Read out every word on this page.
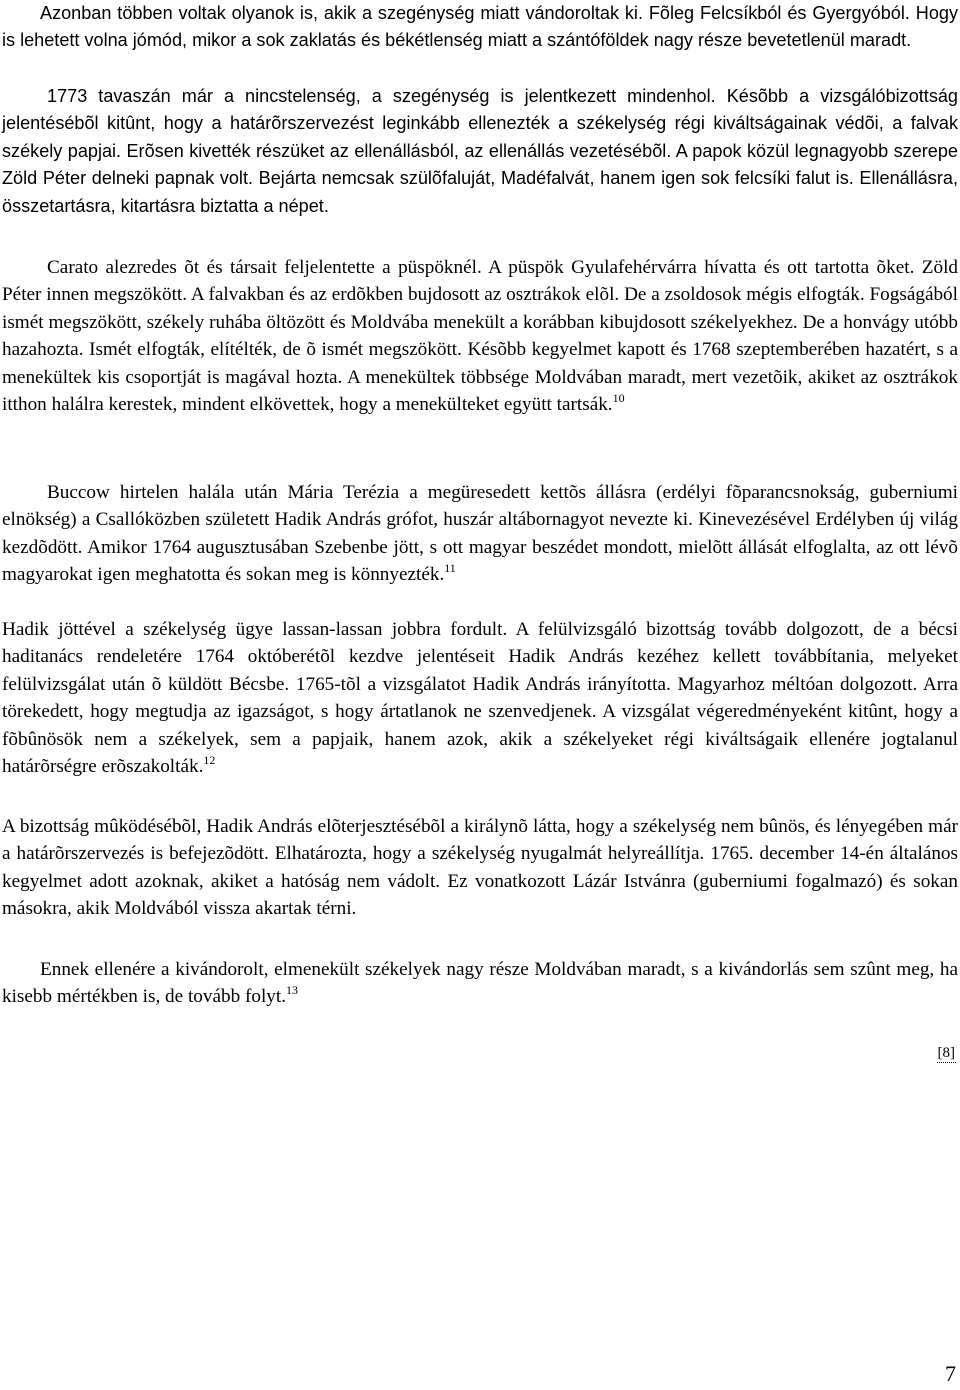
Azonban többen voltak olyanok is, akik a szegénység miatt vándoroltak ki. Fõleg Felcsíkból és Gyergyóból. Hogy is lehetett volna jómód, mikor a sok zaklatás és békétlenség miatt a szántóföldek nagy része bevetetlenül maradt.

1773 tavaszán már a nincstelenség, a szegénység is jelentkezett mindenhol. Késõbb a vizsgálóbizottság jelentésébõl kitûnt, hogy a határõrszervezést leginkább ellenezték a székelység régi kiváltságainak védõi, a falvak székely papjai. Erõsen kivették részüket az ellenállásból, az ellenállás vezetésébõl. A papok közül legnagyobb szerepe Zöld Péter delneki papnak volt. Bejárta nemcsak szülõfaluját, Madéfalvát, hanem igen sok felcsíki falut is. Ellenállásra, összetartásra, kitartásra biztatta a népet.

Carato alezredes õt és társait feljelentette a püspöknél. A püspök Gyulafehérvárra hívatta és ott tartotta õket. Zöld Péter innen megszökött. A falvakban és az erdõkben bujdosott az osztrákok elõl. De a zsoldosok mégis elfogták. Fogságából ismét megszökött, székely ruhába öltözött és Moldvába menekült a korábban kibujdosott székelyekhez. De a honvágy utóbb hazahozta. Ismét elfogták, elítélték, de õ ismét megszökött. Késõbb kegyelmet kapott és 1768 szeptemberében hazatért, s a menekültek kis csoportját is magával hozta. A menekültek többsége Moldvában maradt, mert vezetõik, akiket az osztrákok itthon halálra kerestek, mindent elkövettek, hogy a menekülteket együtt tartsák.$^{10}$

Buccow hirtelen halála után Mária Terézia a megüresedett kettõs állásra (erdélyi fõparancsnokság, guberniumi elnökség) a Csallóközben született Hadik András grófot, huszár altábornagyot nevezte ki. Kinevezésével Erdélyben új világ kezdõdött. Amikor 1764 augusztusában Szebenbe jött, s ott magyar beszédet mondott, mielõtt állását elfoglalta, az ott lévõ magyarokat igen meghatotta és sokan meg is könnyezték.$^{11}$

Hadik jöttével a székelység ügye lassan-lassan jobbra fordult. A felülvizsgáló bizottság tovább dolgozott, de a bécsi haditanács rendeletére 1764 októberétõl kezdve jelentéseit Hadik András kezéhez kellett továbbítania, melyeket felülvizsgálat után õ küldött Bécsbe. 1765-tõl a vizsgálatot Hadik András irányította. Magyarhoz méltóan dolgozott. Arra törekedett, hogy megtudja az igazságot, s hogy ártatlanok ne szenvedjenek. A vizsgálat végeredményeként kitûnt, hogy a fõbûnösök nem a székelyek, sem a papjaik, hanem azok, akik a székelyeket régi kiváltságaik ellenére jogtalanul határõrségre erõszakolták.$^{12}$

A bizottság mûködésébõl, Hadik András elõterjesztésébõl a királynõ látta, hogy a székelység nem bûnös, és lényegében már a határõrszervezés is befejezõdött. Elhatározta, hogy a székelység nyugalmát helyreállítja. 1765. december 14-én általános kegyelmet adott azoknak, akiket a hatóság nem vádolt. Ez vonatkozott Lázár Istvánra (guberniumi fogalmazó) és sokan másokra, akik Moldvából vissza akartak térni.

Ennek ellenére a kivándorolt, elmenekült székelyek nagy része Moldvában maradt, s a kivándorlás sem szûnt meg, ha kisebb mértékben is, de tovább folyt.$^{13}$

[8]
7
